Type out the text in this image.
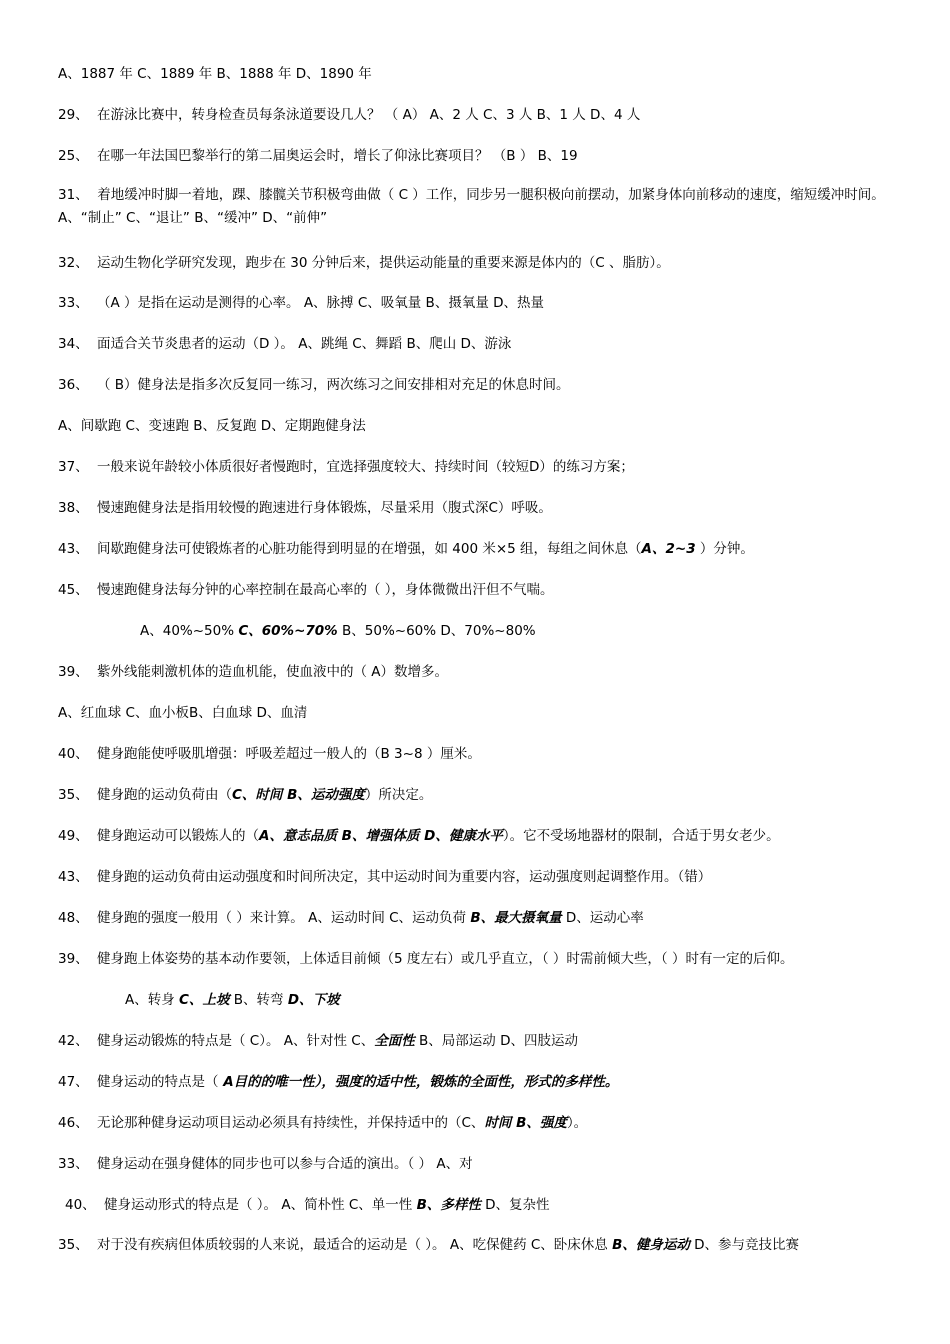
A、1887 年 C、1889 年 B、1888 年 D、1890 年
29、 在游泳比赛中，转身检查员每条泳道要设几人？ （ A） A、2 人 C、3 人 B、1 人 D、4 人
25、 在哪一年法国巴黎举行的第二届奥运会时，增长了仰泳比赛项目？ （B ） B、19
31、 着地缓冲时脚一着地，踝、膝髋关节积极弯曲做（ C ）工作，同步另一腿积极向前摆动，加紧身体向前移动的速度，缩短缓冲时间。 A、“制止” C、“退让” B、“缓冲” D、“前伸”
32、 运动生物化学研究发现，跑步在 30 分钟后来，提供运动能量的重要来源是体内的（C 、脂肪）。
33、 （A ）是指在运动是测得的心率。 A、脉搏 C、吸氧量 B、摄氧量 D、热量
34、 面适合关节炎患者的运动（D ）。 A、跳绳 C、舞蹈 B、爬山 D、游泳
36、 （ B）健身法是指多次反复同一练习，两次练习之间安排相对充足的休息时间。
A、间歇跑 C、变速跑 B、反复跑 D、定期跑健身法
37、 一般来说年龄较小体质很好者慢跑时，宜选择强度较大、持续时间（较短D）的练习方案；
38、 慢速跑健身法是指用较慢的跑速进行身体锻炼，尽量采用（腹式深C）呼吸。
43、 间歇跑健身法可使锻炼者的心脏功能得到明显的在增强，如 400 米×5 组，每组之间休息（A、2~3 ）分钟。
45、 慢速跑健身法每分钟的心率控制在最高心率的（ ），身体微微出汗但不气喘。
A、40%~50% C、60%~70% B、50%~60% D、70%~80%
39、 紫外线能刺激机体的造血机能，使血液中的（ A）数增多。
A、红血球 C、血小板B、白血球 D、血清
40、 健身跑能使呼吸肌增强：呼吸差超过一般人的（B 3~8 ）厘米。
35、 健身跑的运动负荷由（C、时间 B、运动强度）所决定。
49、 健身跑运动可以锻炼人的（A、意志品质 B、增强体质 D、健康水平）。它不受场地器材的限制，合适于男女老少。
43、 健身跑的运动负荷由运动强度和时间所决定，其中运动时间为重要内容，运动强度则起调整作用。（错）
48、 健身跑的强度一般用（ ）来计算。 A、运动时间 C、运动负荷 B、最大摄氧量 D、运动心率
39、 健身跑上体姿势的基本动作要领，上体适目前倾（5 度左右）或几乎直立，（ ）时需前倾大些，（ ）时有一定的后仰。
A、转身 C、上坡 B、转弯 D、下坡
42、 健身运动锻炼的特点是（ C）。 A、针对性 C、全面性 B、局部运动 D、四肢运动
47、 健身运动的特点是（ A目的的唯一性），强度的适中性，锻炼的全面性，形式的多样性。
46、 无论那种健身运动项目运动必须具有持续性，并保持适中的（C、时间 B、强度）。
33、 健身运动在强身健体的同步也可以参与合适的演出。（ ） A、对
40、 健身运动形式的特点是（ ）。 A、简朴性 C、单一性 B、多样性 D、复杂性
35、 对于没有疾病但体质较弱的人来说，最适合的运动是（ ）。 A、吃保健药 C、卧床休息 B、健身运动 D、参与竞技比赛
